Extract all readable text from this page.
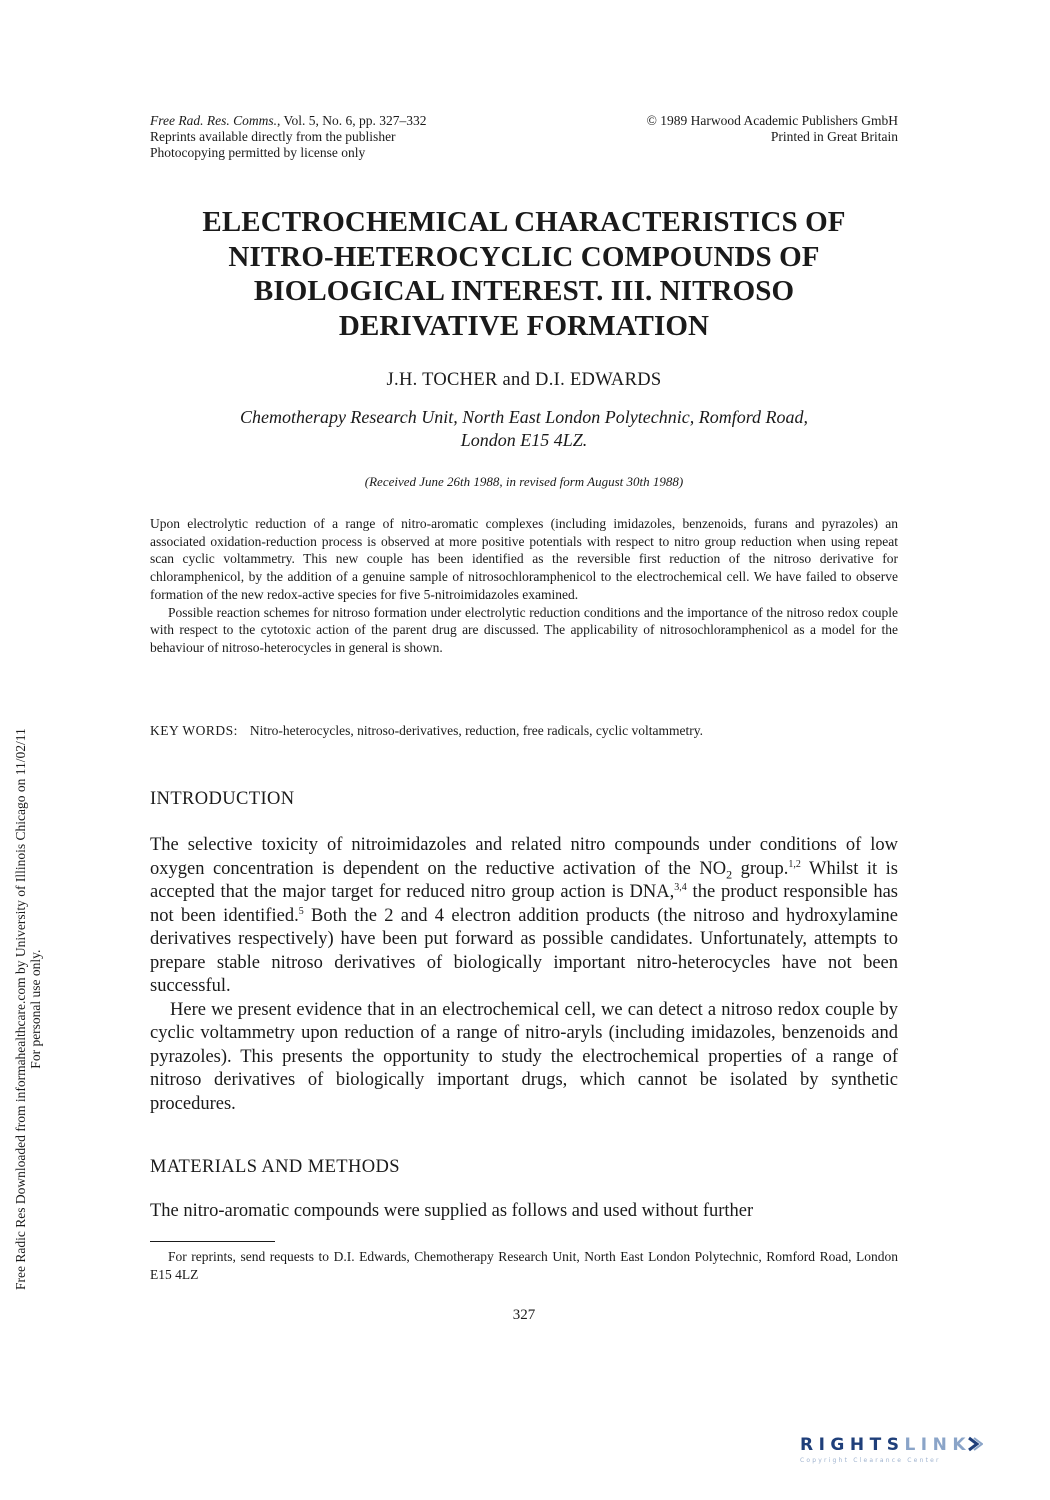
Free Rad. Res. Comms., Vol. 5, No. 6, pp. 327–332
Reprints available directly from the publisher
Photocopying permitted by license only
© 1989 Harwood Academic Publishers GmbH
Printed in Great Britain
ELECTROCHEMICAL CHARACTERISTICS OF
NITRO-HETEROCYCLIC COMPOUNDS OF
BIOLOGICAL INTEREST. III. NITROSO
DERIVATIVE FORMATION
J.H. TOCHER and D.I. EDWARDS
Chemotherapy Research Unit, North East London Polytechnic, Romford Road,
London E15 4LZ.
(Received June 26th 1988, in revised form August 30th 1988)

Upon electrolytic reduction of a range of nitro-aromatic complexes (including imidazoles, benzenoids, furans and pyrazoles) an associated oxidation-reduction process is observed at more positive potentials with respect to nitro group reduction when using repeat scan cyclic voltammetry. This new couple has been identified as the reversible first reduction of the nitroso derivative for chloramphenicol, by the addition of a genuine sample of nitrosochloramphenicol to the electrochemical cell. We have failed to observe formation of the new redox-active species for five 5-nitroimidazoles examined.

Possible reaction schemes for nitroso formation under electrolytic reduction conditions and the importance of the nitroso redox couple with respect to the cytotoxic action of the parent drug are discussed. The applicability of nitrosochloramphenicol as a model for the behaviour of nitroso-heterocycles in general is shown.

KEY WORDS: Nitro-heterocycles, nitroso-derivatives, reduction, free radicals, cyclic voltammetry.
INTRODUCTION

The selective toxicity of nitroimidazoles and related nitro compounds under conditions of low oxygen concentration is dependent on the reductive activation of the $NO_2$ group.$^{1,2}$ Whilst it is accepted that the major target for reduced nitro group action is DNA,$^{3,4}$ the product responsible has not been identified.$^5$ Both the 2 and 4 electron addition products (the nitroso and hydroxylamine derivatives respectively) have been put forward as possible candidates. Unfortunately, attempts to prepare stable nitroso derivatives of biologically important nitro-heterocycles have not been successful.

Here we present evidence that in an electrochemical cell, we can detect a nitroso redox couple by cyclic voltammetry upon reduction of a range of nitro-aryls (including imidazoles, benzenoids and pyrazoles). This presents the opportunity to study the electrochemical properties of a range of nitroso derivatives of biologically important drugs, which cannot be isolated by synthetic procedures.

MATERIALS AND METHODS
The nitro-aromatic compounds were supplied as follows and used without further
For reprints, send requests to D.I. Edwards, Chemotherapy Research Unit, North East London Polytechnic, Romford Road, London E15 4LZ
327
Free Radic Res Downloaded from informahealthcare.com by University of Illinois Chicago on 11/02/11 For personal use only.
RIGHTSLINK
Copyright Clearance Center
